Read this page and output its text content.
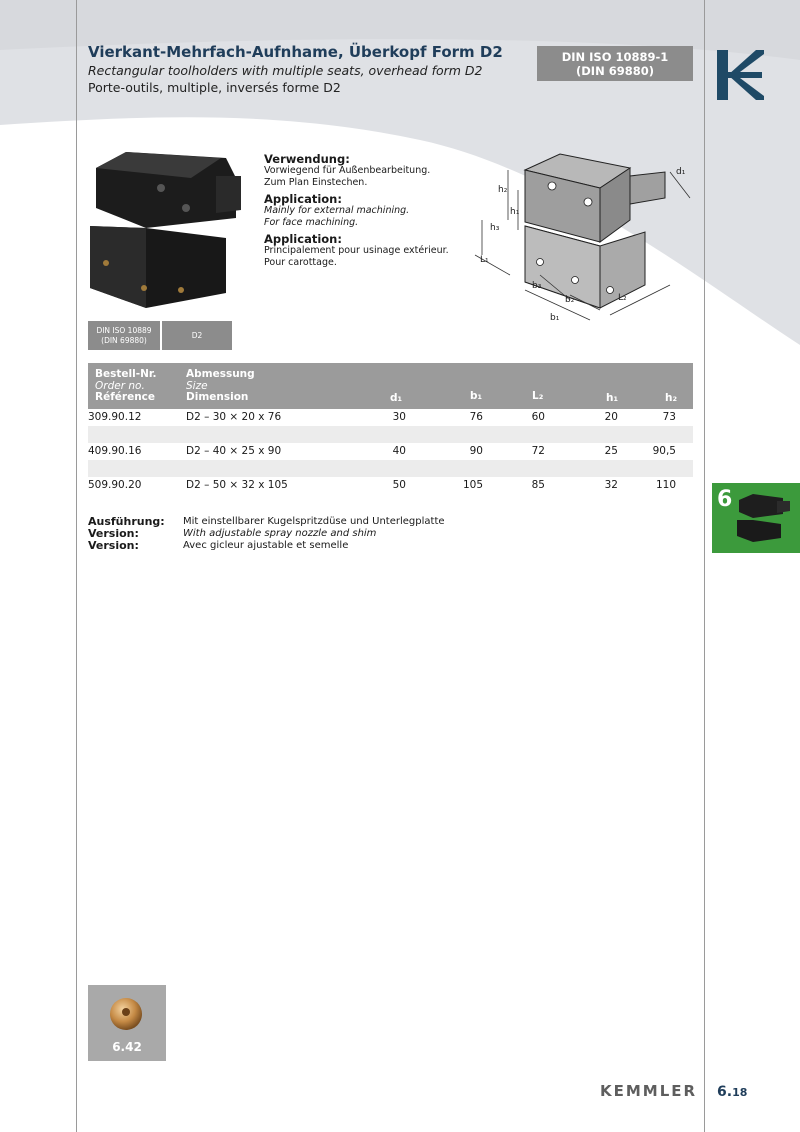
Vierkant-Mehrfach-Aufnhame, Überkopf Form D2
Rectangular toolholders with multiple seats, overhead form D2
Porte-outils, multiple, inversés forme D2
DIN ISO 10889-1
(DIN 69880)
Verwendung:
Vorwiegend für Außenbearbeitung.
Zum Plan Einstechen.
Application:
Mainly for external machining.
For face machining.
Application:
Principalement pour usinage extérieur.
Pour carottage.
h₂
h₁
h₃
d₁
L₁
L₂
b₁
b₂
b₃
DIN ISO 10889
(DIN 69880)
D2
Bestell-Nr.
Order no.
Référence
Abmessung
Size
Dimension	d₁	b₁	L₂	h₁	h₂
309.90.12	D2 – 30 × 20 x 76	30	76	60	20	73
409.90.16	D2 – 40 × 25 x 90	40	90	72	25	90,5
509.90.20	D2 – 50 × 32 x 105	50	105	85	32	110
Ausführung: Mit einstellbarer Kugelspritzdüse und Unterlegplatte
Version:	With adjustable spray nozzle and shim
Version:	Avec gicleur ajustable et semelle
6
6.42
KEMMLER 6.18
